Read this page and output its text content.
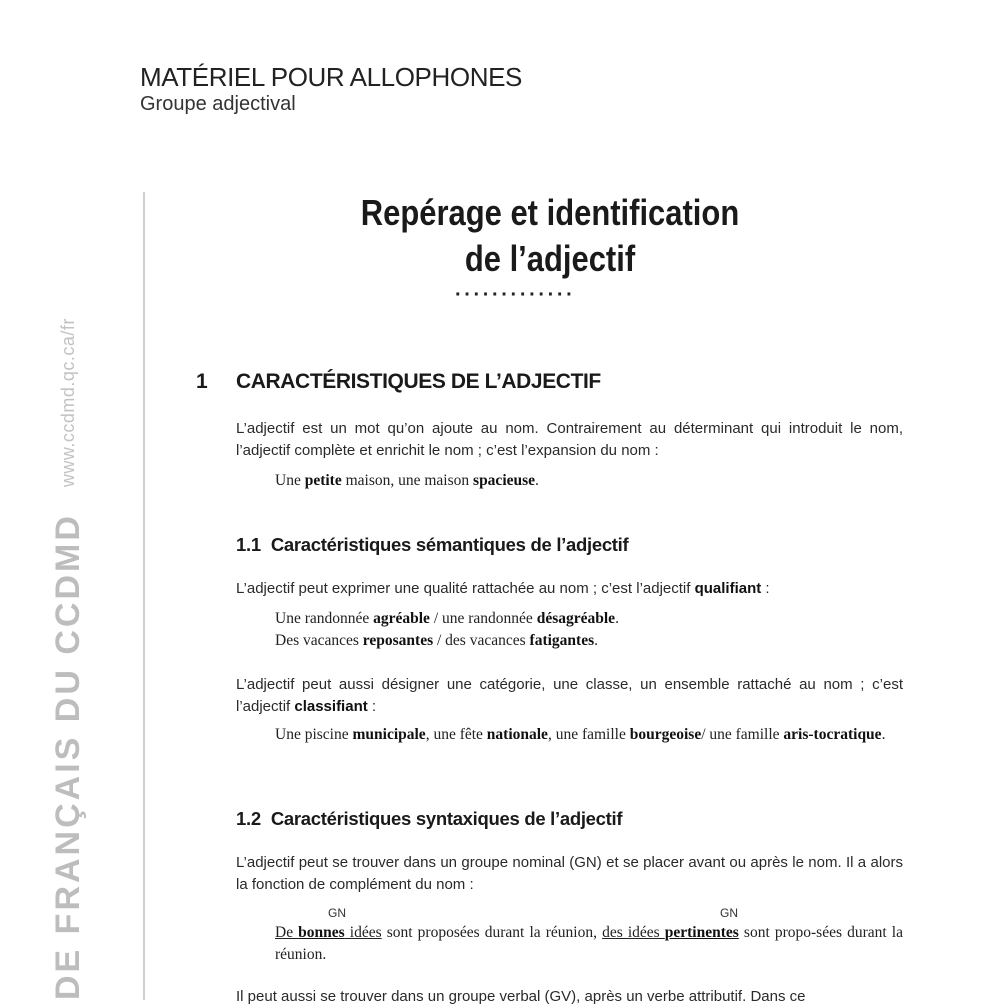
MATÉRIEL POUR ALLOPHONES
Groupe adjectival
DE FRANÇAIS DU CCDMD
www.ccdmd.qc.ca/fr
Repérage et identification
de l’adjectif
·············
1 CARACTÉRISTIQUES DE L’ADJECTIF
L’adjectif est un mot qu’on ajoute au nom. Contrairement au déterminant qui introduit le nom, l’adjectif complète et enrichit le nom ; c’est l’expansion du nom :
Une petite maison, une maison spacieuse.
1.1 Caractéristiques sémantiques de l’adjectif
L’adjectif peut exprimer une qualité rattachée au nom ; c’est l’adjectif qualifiant :
Une randonnée agréable / une randonnée désagréable.
Des vacances reposantes / des vacances fatigantes.
L’adjectif peut aussi désigner une catégorie, une classe, un ensemble rattaché au nom ; c’est l’adjectif classifiant :
Une piscine municipale, une fête nationale, une famille bourgeoise/ une famille aris-tocratique.
1.2 Caractéristiques syntaxiques de l’adjectif
L’adjectif peut se trouver dans un groupe nominal (GN) et se placer avant ou après le nom. Il a alors la fonction de complément du nom :
GN	GN
De bonnes idées sont proposées durant la réunion, des idées pertinentes sont propo-sées durant la réunion.
Il peut aussi se trouver dans un groupe verbal (GV), après un verbe attributif. Dans ce
